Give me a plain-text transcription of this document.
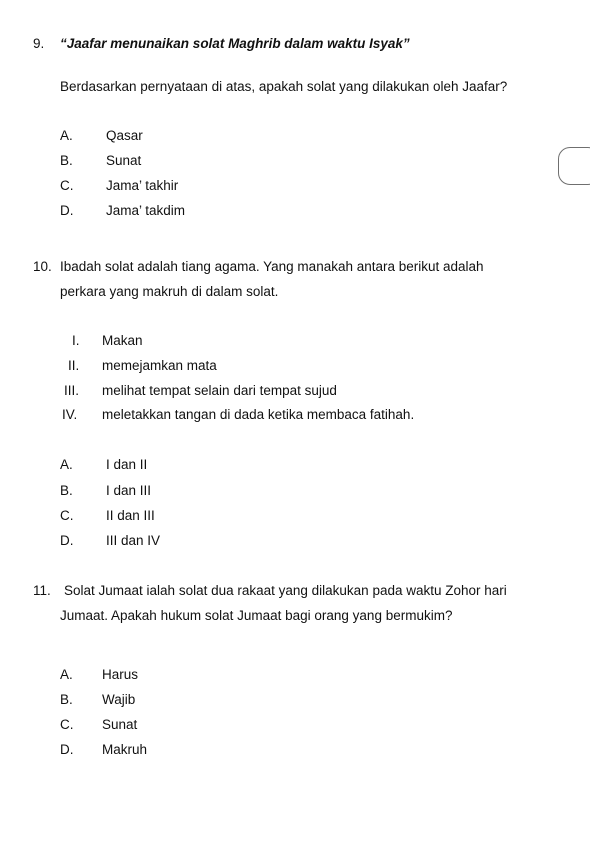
9. “Jaafar menunaikan solat Maghrib dalam waktu Isyak”
Berdasarkan pernyataan di atas, apakah solat yang dilakukan oleh Jaafar?
A. Qasar
B. Sunat
C. Jama’ takhir
D. Jama’ takdim
10. Ibadah solat adalah tiang agama. Yang manakah antara berikut adalah
perkara yang makruh di dalam solat.
I. Makan
II. memejamkan mata
III. melihat tempat selain dari tempat sujud
IV. meletakkan tangan di dada ketika membaca fatihah.
A. I dan II
B. I dan III
C. II dan III
D. III dan IV
11. Solat Jumaat ialah solat dua rakaat yang dilakukan pada waktu Zohor hari
Jumaat. Apakah hukum solat Jumaat bagi orang yang bermukim?
A. Harus
B. Wajib
C. Sunat
D. Makruh
